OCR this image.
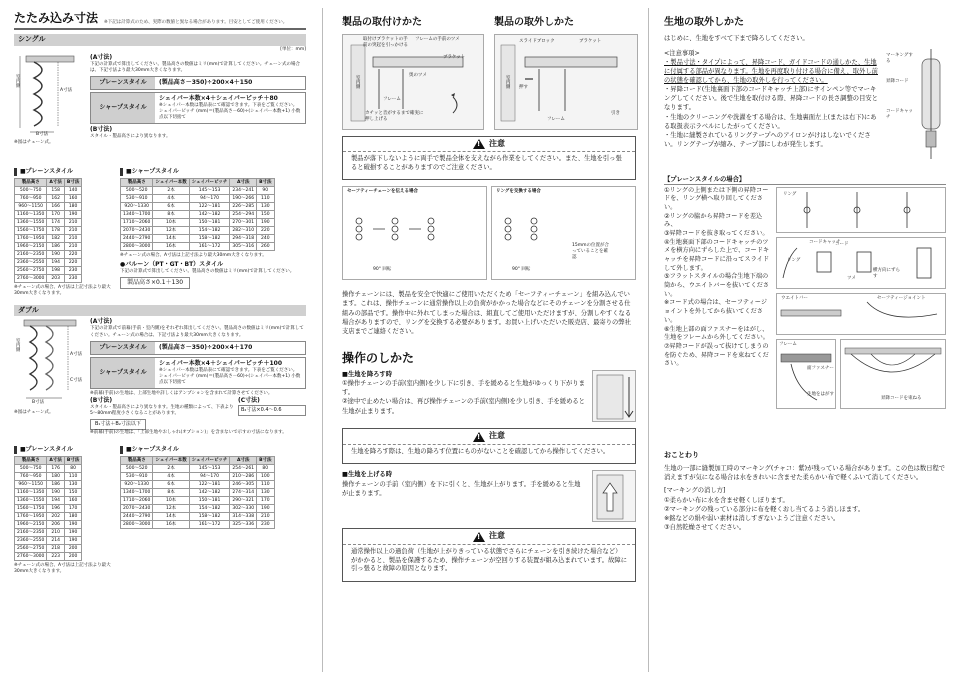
たたみ込み寸法 ※下記は計算式のため、実際の数値と異なる場合があります。目安としてご使用ください。
シングル
[単位：mm]
室内側
A寸法
B寸法
※図はチェーン式。
(A寸法)
下記の計算式で算出してください。製品高さの数値はミリ(mm)で計算してください。チェーン式の場合は、下記寸法より最大30mm大きくなります。
プレーンスタイル	(製品高さ－350)÷200×4＋150
シャープスタイル
シェイパー本数×4＋シェイパーピッチ＋80
※シェイパー本数は製品表にて確認できます。下表をご覧ください。シェイパーピッチ (mm)＝(製品高さ－60)÷(シェイパー本数+1) 小数点以下切捨て
(B寸法)
スタイル・製品高さにより異なります。
■プレーンスタイル
製品高さ	A寸法	B寸法
500～750	158	140
760～950	162	160
960～1150	166	180
1160～1350	170	190
1360～1550	174	210
1560～1750	178	210
1760～1950	182	210
1960～2150	186	210
2160～2350	190	220
2360～2550	194	220
2560～2750	198	230
2760～3000	203	230
※チェーン式の場合、A寸法は上記寸法より最大30mm大きくなります。
■シャープスタイル
製品高さ	シェイパー本数	シェイパーピッチ	A寸法	B寸法
500～520	2本	145～153	234～241	90
530～910	4本	94～170	190～266	110
920～1330	6本	122～181	226～285	130
1340～1700	8本	142～182	254～294	150
1710～2060	10本	150～181	270～301	190
2070～2430	12本	154～182	282～310	220
2440～2790	14本	158～182	294～318	240
2800～3000	16本	161～172	305～316	260
※チェーン式の場合、A寸法は上記寸法より最大30mm大きくなります。
●バルーン（PT・GT・BT）スタイル
下記の計算式で算出してください。製品高さの数値はミリ(mm)で計算してください。
製品高さ×0.1＋130
ダブル
室内側
A寸法
B寸法
C寸法
※図はチェーン式。
(A寸法)
下記の計算式で前幕(手前・室内側)をそれぞれ算出してください。製品高さの数値はミリ(mm)で計算してください。チェーン式の場合は、下記寸法より最大30mm大きくなります。
プレーンスタイル	(製品高さ－350)÷200×4＋170
シャープスタイル
シェイパー本数×4＋シェイパーピッチ＋100
※シェイパー本数は製品表にて確認できます。下表をご覧ください。シェイパーピッチ (mm)＝(製品高さ－60)÷(シェイパー本数+1) 小数点以下切捨て
※前幕(手前)の生地は、上部生地や詳しくはアンプションを含まれて計算させてください。
(B寸法)
スタイル・製品高さにより異なります。生地の種類によって、下表より5～80mm程度小さくなることがあります。
(C寸法)
B₂寸法×0.4～0.6
B₁寸法＋B₂寸法以下
※前幕(手前)の生地は、「上部生地やおしゃれ(オプション)」を含まないで示すの寸法になります。
■プレーンスタイル
製品高さ	A寸法	B寸法
500～750	176	80
760～950	180	110
960～1150	186	130
1160～1350	190	150
1360～1550	194	160
1560～1750	196	170
1760～1950	202	180
1960～2150	206	190
2160～2350	210	190
2360～2550	214	190
2560～2750	218	200
2760～3000	223	200
※チェーン式の場合、A寸法は上記寸法より最大30mm大きくなります。
■シャープスタイル
製品高さ	シェイパー本数	シェイパーピッチ	A寸法	B寸法
500～520	2本	145～153	254～261	80
530～910	4本	94～170	210～286	100
920～1330	6本	122～181	246～305	110
1340～1700	8本	142～182	274～314	130
1710～2060	10本	150～181	290～321	170
2070～2430	12本	154～182	302～330	190
2440～2790	14本	158～182	314～338	210
2800～3000	16本	161～172	325～336	230
製品の取付けかた
取付けブラケットの手前の突起を引っかける
フレームの手前のツメ
ブラケット
奥のツメ
フレーム
カチッと音がするまで確実に押し上げる
室内側
製品の取外しかた
スライドブロック	ブラケット
押す
引き
フレーム
室内側
! 注意
製品が落下しないように両手で製品全体を支えながら作業をしてください。また、生地を引っ張ると破損することがありますのでご注意ください。
セーフティーチェーンを伝える場合
90° 回転
リングを交換する場合
90° 回転
15mmの位置が合っていることを確認
操作チェーンには、製品を安全で快適にご使用いただくため「セーフティーチェーン」を組み込んでいます。これは、操作チェーンに通常操作以上の負荷がかかった場合などにそのチェーンを分割させる仕組みの部品です。操作中に外れてしまった場合は、組直してご使用いただけますが、分割しやすくなる場合がありますので、リングを交換する必要があります。お買い上げいただいた販売店、最寄りの弊社支店までご連絡ください。
操作のしかた
■生地を降ろす時
①操作チェーンの手前(室内側)を少し下に引き、手を緩めると生地がゆっくり下がります。
②途中で止めたい場合は、再び操作チェーンの手前(室内側)を少し引き、手を緩めると生地が止まります。
! 注意
生地を降ろす際は、生地の降ろす位置にものがないことを確認してから操作してください。
■生地を上げる時
操作チェーンの手前（室内側）を下に引くと、生地が上がります。手を緩めると生地が止まります。
! 注意
通常操作以上の過負荷（生地が上がりきっている状態でさらにチェーンを引き続けた場合など）がかかると、製品を保護するため、操作チェーンが空回りする装置が組み込まれています。故障に引っ張ると故障の原因となります。
生地の取外しかた
はじめに、生地をすべて下まで降ろしてください。
<注意事項>
・製品寸法・タイプによって、昇降コード、ガイドコードの通しかた、生地に付属する部品が異なります。生地を再度取り付ける場合に備え、取外し前の状態を確認してから、生地の取外しを行ってください。
・昇降コード(生地裏面下部のコードキャッチ上部)にサインペン等でマーキングしてください。後で生地を取付ける際、昇降コードの長さ調整の目安となります。
・生地のクリーニングや洗濯をする場合は、生地裏面左上(または右下)にある取扱表示ラベルにしたがってください。
・生地に縫製されているリングテープへのアイロンがけはしないでください。リングテープが縮み、テープ部にしわが発生します。
マーキングする
昇降コード
コードキャッチ
【プレーンスタイルの場合】
①リングの上側または下側の昇降コードを、リング横へ取り回してください。
②リングの脇から昇降コードを差込み、
③昇降コードを抜き取ってください。
④生地裏面下部のコードキャッチのツメを横方向にずらした上で、コードキャッチを昇降コードに沿ってスライドして外します。
⑤フラットスタイルの場合生地下端の筒から、ウエイトバーを抜いてください。
※コード式の場合は、セーフティージョイントを外してから抜いてください。
⑥生地上部の面ファスナーをはがし、生地をフレームから外してください。
⑦昇降コードが誤って抜けてしまうのを防ぐため、昇降コードを束ねてください。
リング
コードキャッチ
ツメ
横方向にずらす
リング
コード
ウエイトバー	セーフティージョイント
フレーム
面ファスナー
生地をはがす
昇降コードを束ねる
おことわり
生地の一部に縫製加工時のマーキング(チャコ：紫)が残っている場合があります。この色は数日程で消えますが気になる場合は水をきれいに含ませた柔らかい布で軽くふいて消してください。
[マーキングの消し方]
①柔らかい布に水を含ませ軽くしぼります。
②マーキングの残っている部分に布を軽くおし当てるよう消しほます。
※銘などの絹や弱い素材は消しすぎないようご注意ください。
③自然乾燥させてください。
